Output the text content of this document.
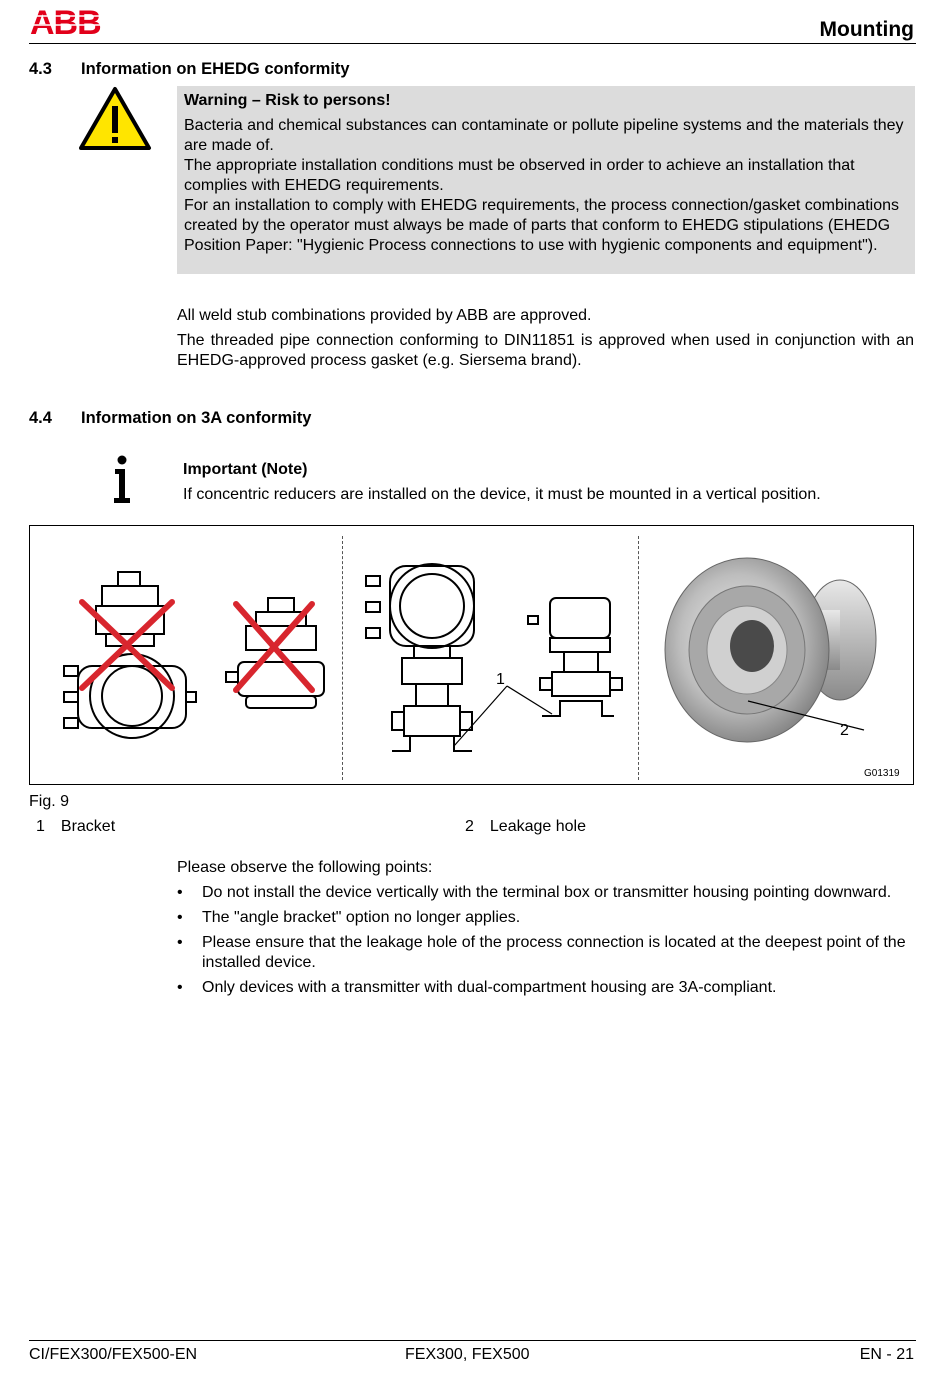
ABB	Mounting
4.3 Information on EHEDG conformity
Warning – Risk to persons!
Bacteria and chemical substances can contaminate or pollute pipeline systems and the materials they are made of.
The appropriate installation conditions must be observed in order to achieve an installation that complies with EHEDG requirements.
For an installation to comply with EHEDG requirements, the process connection/gasket combinations created by the operator must always be made of parts that conform to EHEDG stipulations (EHEDG Position Paper: "Hygienic Process connections to use with hygienic components and equipment").
All weld stub combinations provided by ABB are approved.
The threaded pipe connection conforming to DIN11851 is approved when used in conjunction with an EHEDG-approved process gasket (e.g. Siersema brand).
4.4 Information on 3A conformity
Important (Note)
If concentric reducers are installed on the device, it must be mounted in a vertical position.
1
2
G01319
Fig. 9
1 Bracket	2 Leakage hole
Please observe the following points:
• Do not install the device vertically with the terminal box or transmitter housing pointing downward.
• The "angle bracket" option no longer applies.
• Please ensure that the leakage hole of the process connection is located at the deepest point of the installed device.
• Only devices with a transmitter with dual-compartment housing are 3A-compliant.
CI/FEX300/FEX500-EN	FEX300, FEX500	EN - 21
